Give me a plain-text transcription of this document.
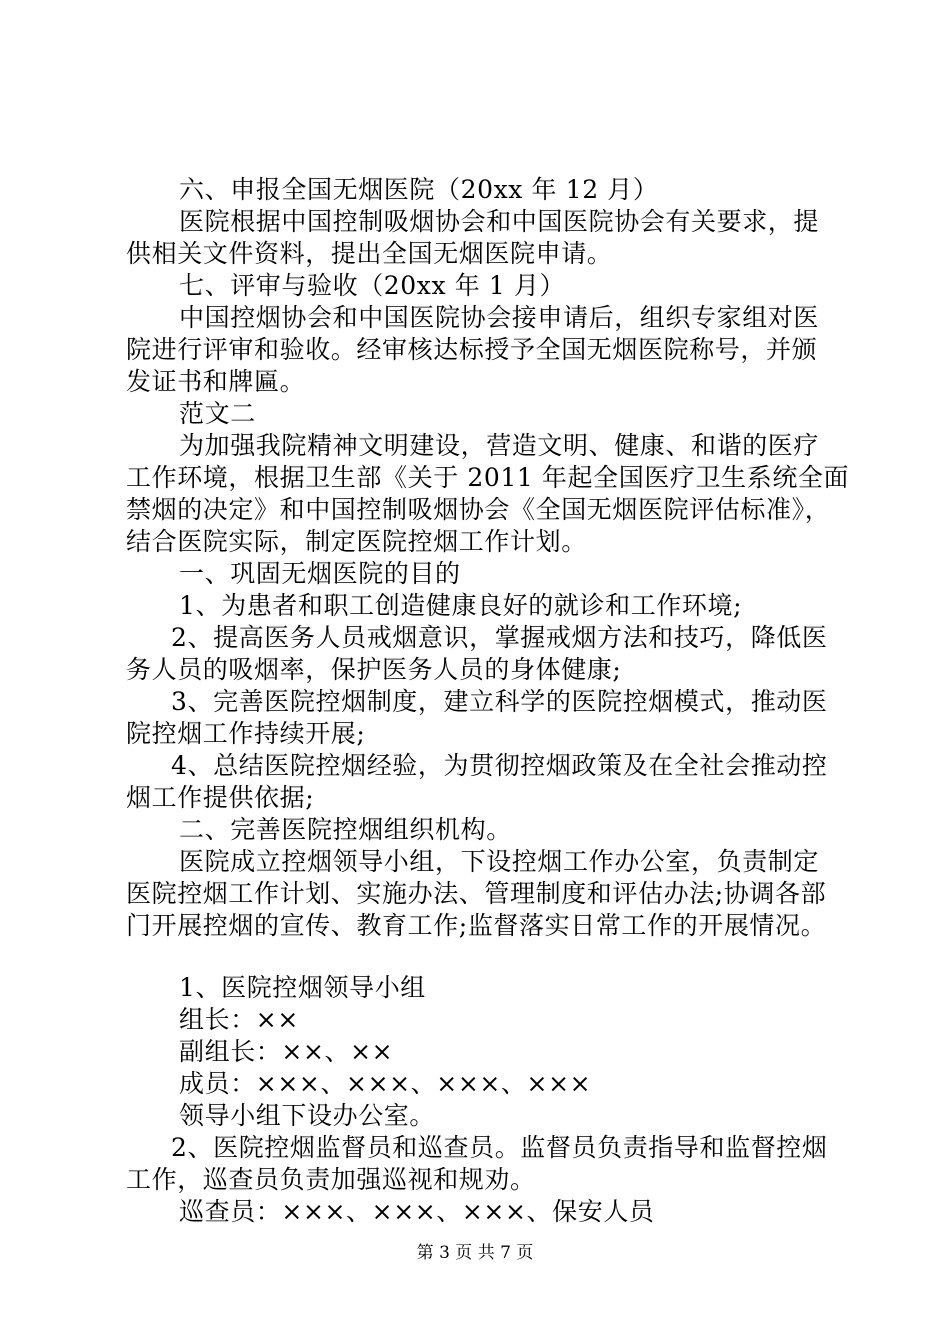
六、申报全国无烟医院（20xx 年 12 月）
医院根据中国控制吸烟协会和中国医院协会有关要求，提
供相关文件资料，提出全国无烟医院申请。
七、评审与验收（20xx 年 1 月）
中国控烟协会和中国医院协会接申请后，组织专家组对医
院进行评审和验收。经审核达标授予全国无烟医院称号，并颁
发证书和牌匾。
范文二
为加强我院精神文明建设，营造文明、健康、和谐的医疗
工作环境，根据卫生部《关于 2011 年起全国医疗卫生系统全面
禁烟的决定》和中国控制吸烟协会《全国无烟医院评估标准》，
结合医院实际，制定医院控烟工作计划。
一、巩固无烟医院的目的
1、为患者和职工创造健康良好的就诊和工作环境;
2、提高医务人员戒烟意识，掌握戒烟方法和技巧，降低医
务人员的吸烟率，保护医务人员的身体健康;
3、完善医院控烟制度，建立科学的医院控烟模式，推动医
院控烟工作持续开展;
4、总结医院控烟经验，为贯彻控烟政策及在全社会推动控
烟工作提供依据;
二、完善医院控烟组织机构。
医院成立控烟领导小组，下设控烟工作办公室，负责制定
医院控烟工作计划、实施办法、管理制度和评估办法;协调各部
门开展控烟的宣传、教育工作;监督落实日常工作的开展情况。
1、医院控烟领导小组
组长：××
副组长：××、××
成员：×××、×××、×××、×××
领导小组下设办公室。
2、医院控烟监督员和巡查员。监督员负责指导和监督控烟
工作，巡查员负责加强巡视和规劝。
巡查员：×××、×××、×××、保安人员
第 3 页 共 7 页
